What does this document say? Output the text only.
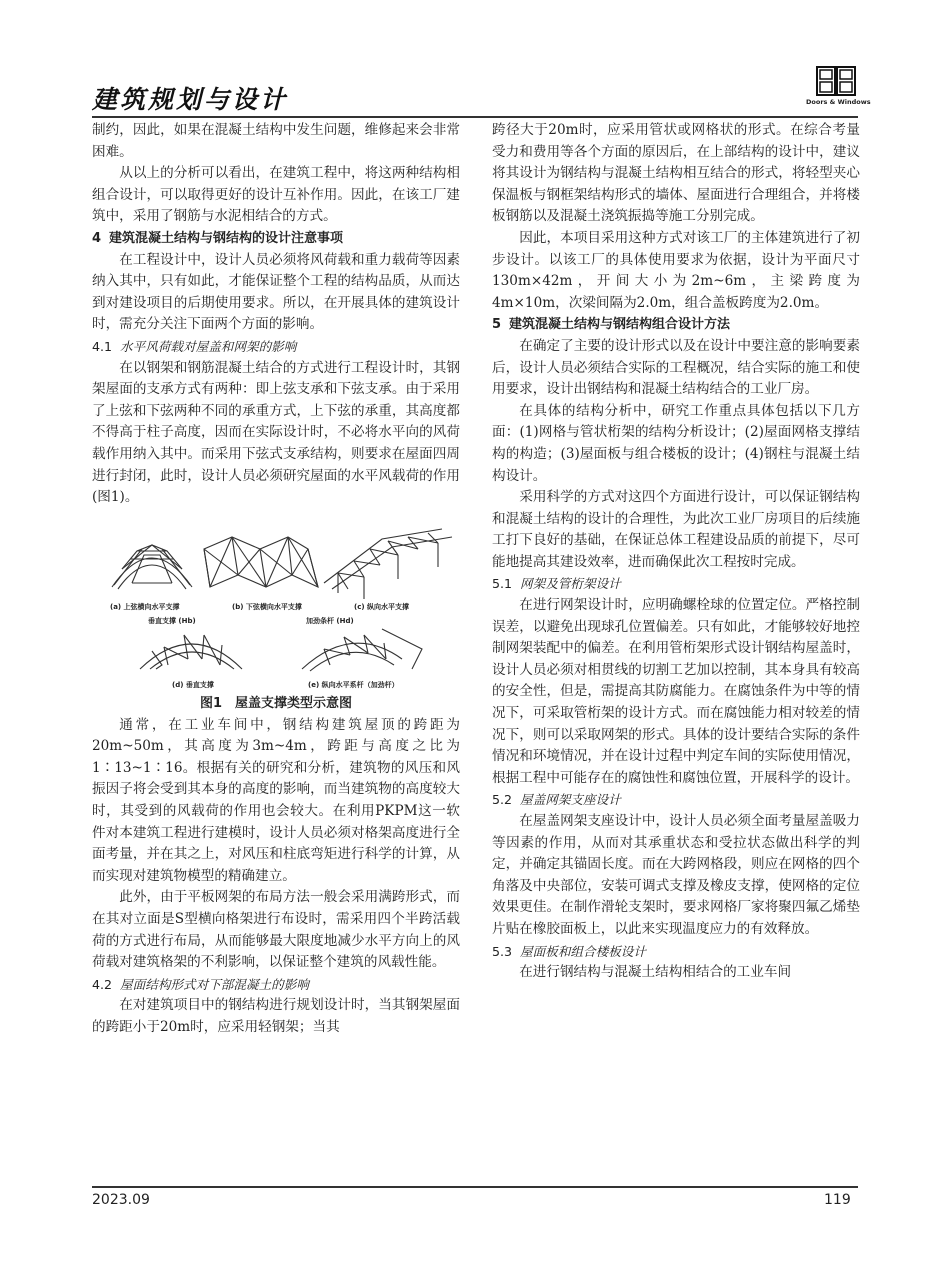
建筑规划与设计	Doors & Windows

制约，因此，如果在混凝土结构中发生问题，维修起来会非常困难。

从以上的分析可以看出，在建筑工程中，将这两种结构相组合设计，可以取得更好的设计互补作用。因此，在该工厂建筑中，采用了钢筋与水泥相结合的方式。

4 建筑混凝土结构与钢结构的设计注意事项

在工程设计中，设计人员必须将风荷载和重力载荷等因素纳入其中，只有如此，才能保证整个工程的结构品质，从而达到对建设项目的后期使用要求。所以，在开展具体的建筑设计时，需充分关注下面两个方面的影响。

4.1 水平风荷载对屋盖和网架的影响

在以钢架和钢筋混凝土结合的方式进行工程设计时，其钢架屋面的支承方式有两种：即上弦支承和下弦支承。由于采用了上弦和下弦两种不同的承重方式，上下弦的承重，其高度都不得高于柱子高度，因而在实际设计时，不必将水平向的风荷载作用纳入其中。而采用下弦式支承结构，则要求在屋面四周进行封闭，此时，设计人员必须研究屋面的水平风载荷的作用(图1)。

(a) 上弦横向水平支撑	(b) 下弦横向水平支撑	(c) 纵向水平支撑
垂直支撑 (Hb)	加劲条杆 (Hd)
(d) 垂直支撑	(e) 纵向水平系杆（加劲杆）
图1　屋盖支撑类型示意图

通常，在工业车间中，钢结构建筑屋顶的跨距为20m~50m，其高度为3m~4m，跨距与高度之比为1∶13~1∶16。根据有关的研究和分析，建筑物的风压和风振因子将会受到其本身的高度的影响，而当建筑物的高度较大时，其受到的风载荷的作用也会较大。在利用PKPM这一软件对本建筑工程进行建模时，设计人员必须对格架高度进行全面考量，并在其之上，对风压和柱底弯矩进行科学的计算，从而实现对建筑物模型的精确建立。

此外，由于平板网架的布局方法一般会采用满跨形式，而在其对立面是S型横向格架进行布设时，需采用四个半跨活载荷的方式进行布局，从而能够最大限度地减少水平方向上的风荷载对建筑格架的不利影响，以保证整个建筑的风载性能。

4.2 屋面结构形式对下部混凝土的影响

在对建筑项目中的钢结构进行规划设计时，当其钢架屋面的跨距小于20m时，应采用轻钢架；当其

跨径大于20m时，应采用管状或网格状的形式。在综合考量受力和费用等各个方面的原因后，在上部结构的设计中，建议将其设计为钢结构与混凝土结构相互结合的形式，将轻型夹心保温板与钢框架结构形式的墙体、屋面进行合理组合，并将楼板钢筋以及混凝土浇筑振捣等施工分别完成。

因此，本项目采用这种方式对该工厂的主体建筑进行了初步设计。以该工厂的具体使用要求为依据，设计为平面尺寸130m×42m，开间大小为2m~6m，主梁跨度为4m×10m，次梁间隔为2.0m，组合盖板跨度为2.0m。

5 建筑混凝土结构与钢结构组合设计方法

在确定了主要的设计形式以及在设计中要注意的影响要素后，设计人员必须结合实际的工程概况，结合实际的施工和使用要求，设计出钢结构和混凝土结构结合的工业厂房。

在具体的结构分析中，研究工作重点具体包括以下几方面：(1)网格与管状桁架的结构分析设计；(2)屋面网格支撑结构的构造；(3)屋面板与组合楼板的设计；(4)钢柱与混凝土结构设计。

采用科学的方式对这四个方面进行设计，可以保证钢结构和混凝土结构的设计的合理性，为此次工业厂房项目的后续施工打下良好的基础，在保证总体工程建设品质的前提下，尽可能地提高其建设效率，进而确保此次工程按时完成。

5.1 网架及管桁架设计

在进行网架设计时，应明确螺栓球的位置定位。严格控制误差，以避免出现球孔位置偏差。只有如此，才能够较好地控制网架装配中的偏差。在利用管桁架形式设计钢结构屋盖时，设计人员必须对相贯线的切割工艺加以控制，其本身具有较高的安全性，但是，需提高其防腐能力。在腐蚀条件为中等的情况下，可采取管桁架的设计方式。而在腐蚀能力相对较差的情况下，则可以采取网架的形式。具体的设计要结合实际的条件情况和环境情况，并在设计过程中判定车间的实际使用情况，根据工程中可能存在的腐蚀性和腐蚀位置，开展科学的设计。

5.2 屋盖网架支座设计

在屋盖网架支座设计中，设计人员必须全面考量屋盖吸力等因素的作用，从而对其承重状态和受拉状态做出科学的判定，并确定其锚固长度。而在大跨网格段，则应在网格的四个角落及中央部位，安装可调式支撑及橡皮支撑，使网格的定位效果更佳。在制作滑轮支架时，要求网格厂家将聚四氟乙烯垫片贴在橡胶面板上，以此来实现温度应力的有效释放。

5.3 屋面板和组合楼板设计

在进行钢结构与混凝土结构相结合的工业车间

2023.09	119
